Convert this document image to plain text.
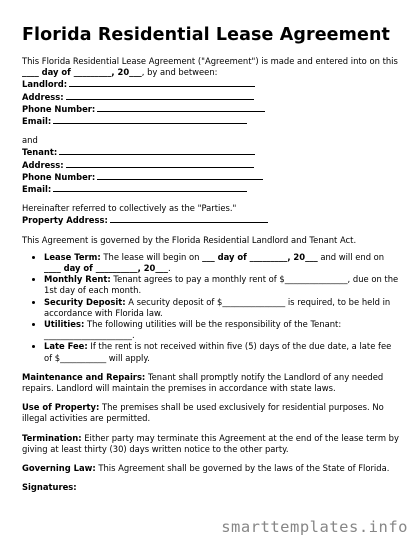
Florida Residential Lease Agreement

This Florida Residential Lease Agreement ("Agreement") is made and entered into on this
____ day of _________, 20___, by and between:

Landlord:

Address:

Phone Number:

Email:

and

Tenant:

Address:

Phone Number:

Email:

Hereinafter referred to collectively as the "Parties."

Property Address:

This Agreement is governed by the Florida Residential Landlord and Tenant Act.

• Lease Term: The lease will begin on ___ day of _________, 20___ and will end on ____ day of __________, 20___.
• Monthly Rent: Tenant agrees to pay a monthly rent of $_______________, due on the 1st day of each month.
• Security Deposit: A security deposit of $_______________ is required, to be held in accordance with Florida law.
• Utilities: The following utilities will be the responsibility of the Tenant: _____________________.
• Late Fee: If the rent is not received within five (5) days of the due date, a late fee of $___________ will apply.

Maintenance and Repairs: Tenant shall promptly notify the Landlord of any needed repairs. Landlord will maintain the premises in accordance with state laws.

Use of Property: The premises shall be used exclusively for residential purposes. No illegal activities are permitted.

Termination: Either party may terminate this Agreement at the end of the lease term by giving at least thirty (30) days written notice to the other party.

Governing Law: This Agreement shall be governed by the laws of the State of Florida.

Signatures:

smarttemplates.info
